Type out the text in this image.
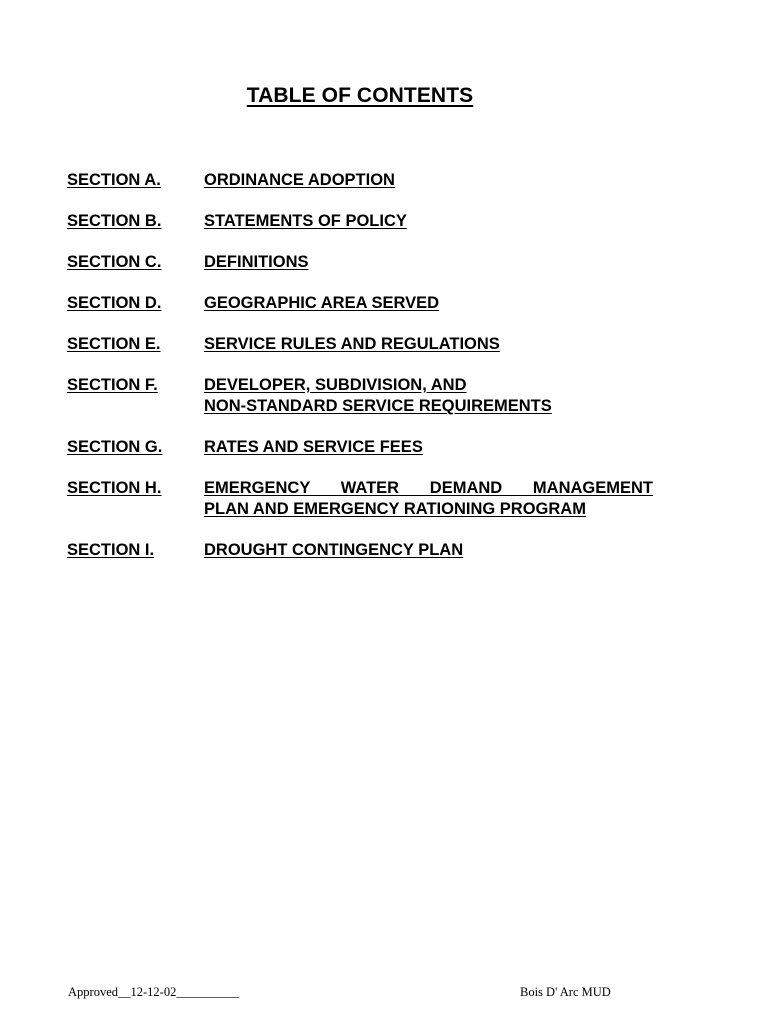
TABLE OF CONTENTS
SECTION A.	ORDINANCE ADOPTION
SECTION B.	STATEMENTS OF POLICY
SECTION C.	DEFINITIONS
SECTION D.	GEOGRAPHIC AREA SERVED
SECTION E.	SERVICE RULES AND REGULATIONS
SECTION F.	DEVELOPER, SUBDIVISION, AND
NON-STANDARD SERVICE REQUIREMENTS
SECTION G.	RATES AND SERVICE FEES
SECTION H.	EMERGENCY WATER DEMAND MANAGEMENT
PLAN AND EMERGENCY RATIONING PROGRAM
SECTION I.	DROUGHT CONTINGENCY PLAN
Approved__12-12-02__________	Bois D' Arc MUD
